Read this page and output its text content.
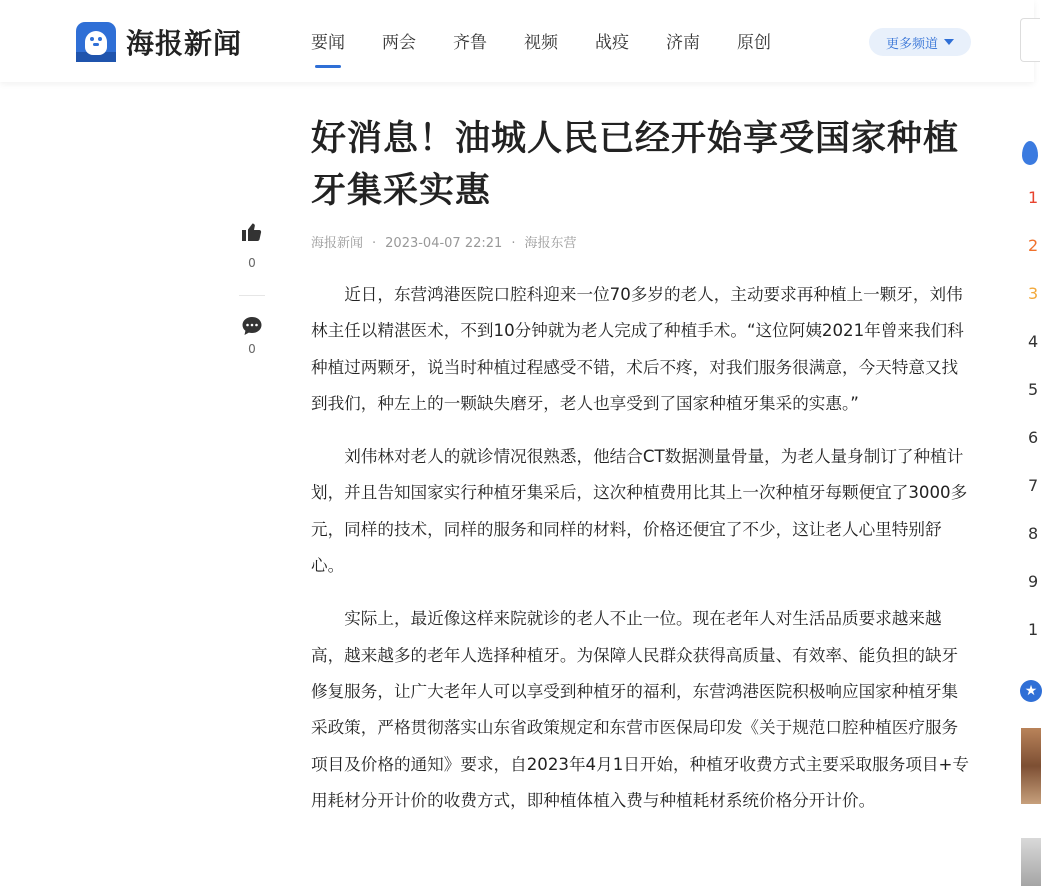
海报新闻	要闻 两会 齐鲁 视频 战疫 济南 原创	更多频道
0
0
好消息！油城人民已经开始享受国家种植牙集采实惠
海报新闻 · 2023-04-07 22:21 · 海报东营

近日，东营鸿港医院口腔科迎来一位70多岁的老人，主动要求再种植上一颗牙，刘伟林主任以精湛医术，不到10分钟就为老人完成了种植手术。“这位阿姨2021年曾来我们科种植过两颗牙，说当时种植过程感受不错，术后不疼，对我们服务很满意，今天特意又找到我们，种左上的一颗缺失磨牙，老人也享受到了国家种植牙集采的实惠。”

刘伟林对老人的就诊情况很熟悉，他结合CT数据测量骨量，为老人量身制订了种植计划，并且告知国家实行种植牙集采后，这次种植费用比其上一次种植牙每颗便宜了3000多元，同样的技术，同样的服务和同样的材料，价格还便宜了不少，这让老人心里特别舒心。

实际上，最近像这样来院就诊的老人不止一位。现在老年人对生活品质要求越来越高，越来越多的老年人选择种植牙。为保障人民群众获得高质量、有效率、能负担的缺牙修复服务，让广大老年人可以享受到种植牙的福利，东营鸿港医院积极响应国家种植牙集采政策，严格贯彻落实山东省政策规定和东营市医保局印发《关于规范口腔种植医疗服务项目及价格的通知》要求，自2023年4月1日开始，种植牙收费方式主要采取服务项目+专用耗材分开计价的收费方式，即种植体植入费与种植耗材系统价格分开计价。

1
2
3
4
5
6
7
8
9
1
★
